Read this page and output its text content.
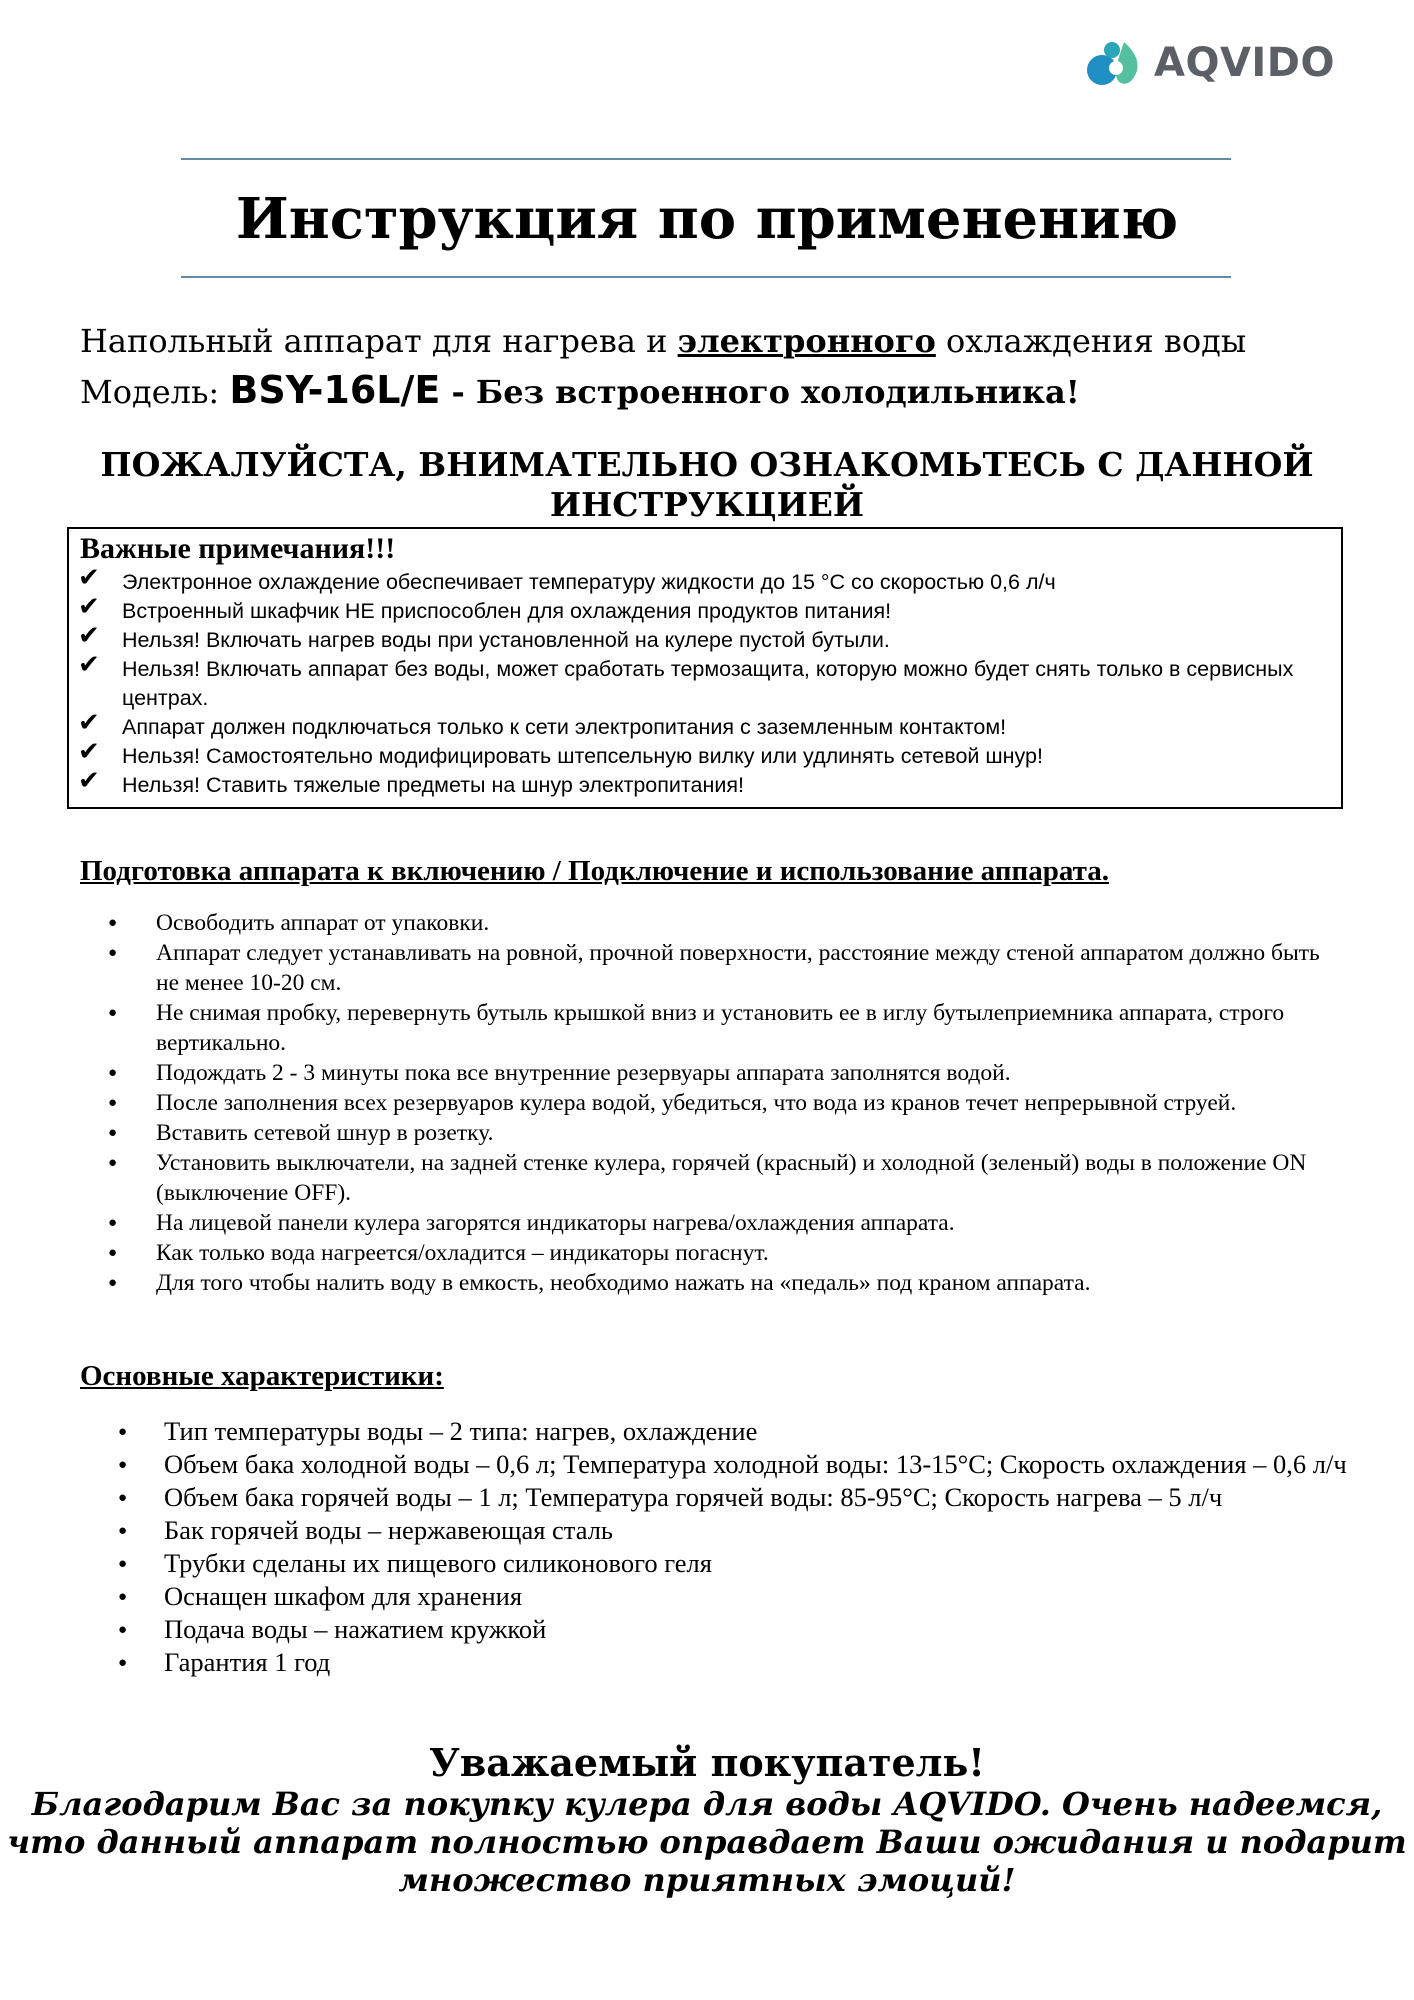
AQVIDO
Инструкция по применению
Напольный аппарат для нагрева и электронного охлаждения воды
Модель: BSY-16L/E - Без встроенного холодильника!
ПОЖАЛУЙСТА, ВНИМАТЕЛЬНО ОЗНАКОМЬТЕСЬ С ДАННОЙ ИНСТРУКЦИЕЙ
Важные примечания!!!
✔ Электронное охлаждение обеспечивает температуру жидкости до 15 °C со скоростью 0,6 л/ч
✔ Встроенный шкафчик НЕ приспособлен для охлаждения продуктов питания!
✔ Нельзя! Включать нагрев воды при установленной на кулере пустой бутыли.
✔ Нельзя! Включать аппарат без воды, может сработать термозащита, которую можно будет снять только в сервисных центрах.
✔ Аппарат должен подключаться только к сети электропитания с заземленным контактом!
✔ Нельзя! Самостоятельно модифицировать штепсельную вилку или удлинять сетевой шнур!
✔ Нельзя! Ставить тяжелые предметы на шнур электропитания!
Подготовка аппарата к включению / Подключение и использование аппарата.
● Освободить аппарат от упаковки.
● Аппарат следует устанавливать на ровной, прочной поверхности, расстояние между стеной аппаратом должно быть не менее 10-20 см.
● Не снимая пробку, перевернуть бутыль крышкой вниз и установить ее в иглу бутылеприемника аппарата, строго вертикально.
● Подождать 2 - 3 минуты пока все внутренние резервуары аппарата заполнятся водой.
● После заполнения всех резервуаров кулера водой, убедиться, что вода из кранов течет непрерывной струей.
● Вставить сетевой шнур в розетку.
● Установить выключатели, на задней стенке кулера, горячей (красный) и холодной (зеленый) воды в положение ON (выключение OFF).
● На лицевой панели кулера загорятся индикаторы нагрева/охлаждения аппарата.
● Как только вода нагреется/охладится – индикаторы погаснут.
● Для того чтобы налить воду в емкость, необходимо нажать на «педаль» под краном аппарата.
Основные характеристики:
● Тип температуры воды – 2 типа: нагрев, охлаждение
● Объем бака холодной воды – 0,6 л; Температура холодной воды: 13-15°C; Скорость охлаждения – 0,6 л/ч
● Объем бака горячей воды – 1 л; Температура горячей воды: 85-95°C; Скорость нагрева – 5 л/ч
● Бак горячей воды – нержавеющая сталь
● Трубки сделаны их пищевого силиконового геля
● Оснащен шкафом для хранения
● Подача воды – нажатием кружкой
● Гарантия 1 год
Уважаемый покупатель!
Благодарим Вас за покупку кулера для воды AQVIDO. Очень надеемся, что данный аппарат полностью оправдает Ваши ожидания и подарит множество приятных эмоций!
